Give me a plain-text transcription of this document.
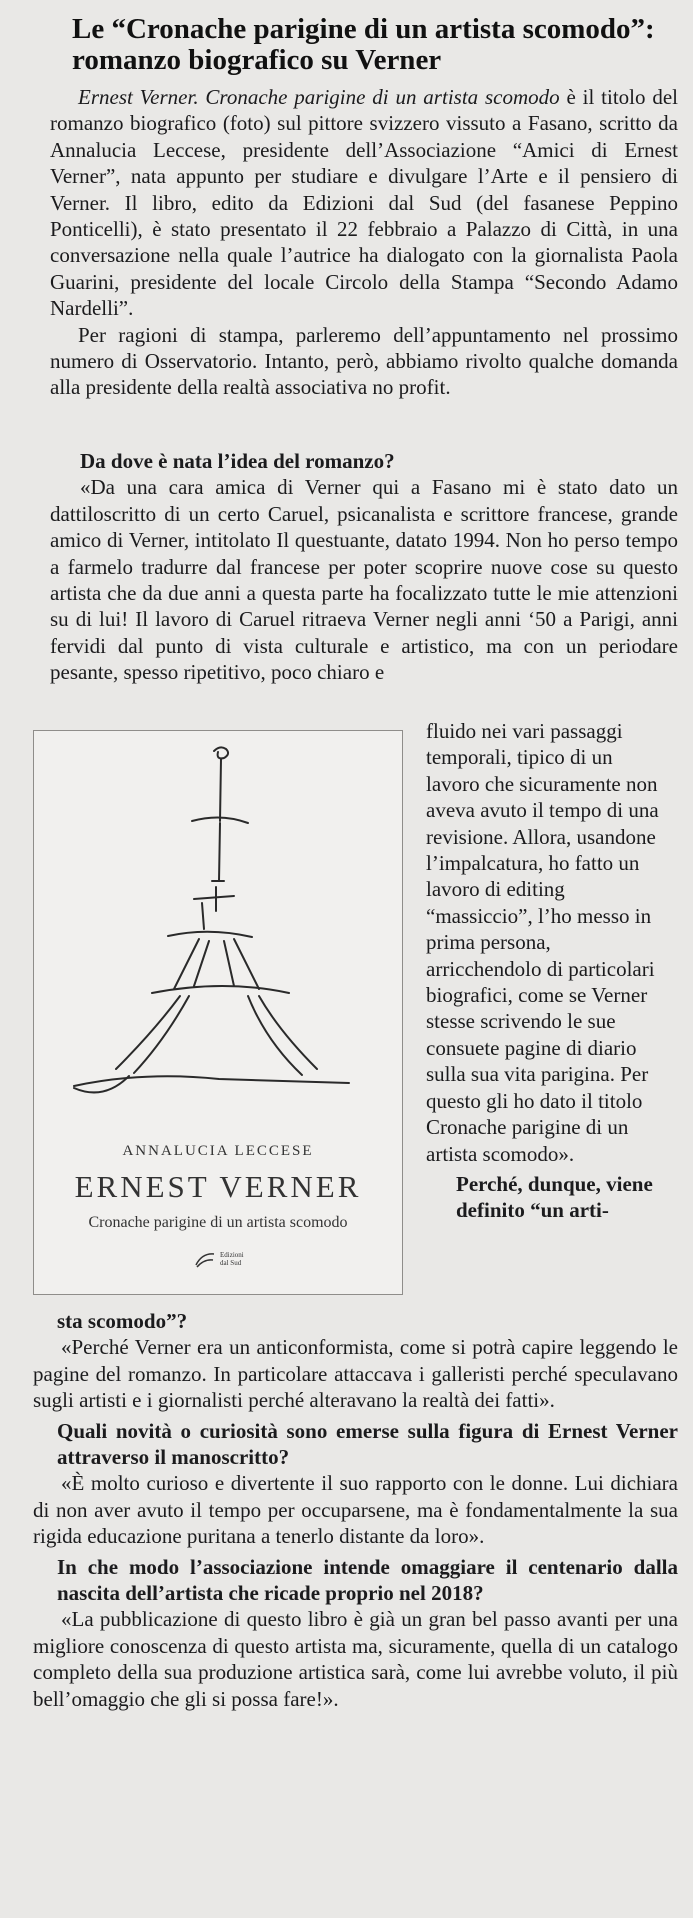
Le “Cronache parigine di un artista scomodo”: romanzo biografico su Verner

Ernest Verner. Cronache parigine di un artista scomodo è il titolo del romanzo biografico (foto) sul pittore svizzero vissuto a Fasano, scritto da Annalucia Leccese, presidente dell’Associazione “Amici di Ernest Verner”, nata appunto per studiare e divulgare l’Arte e il pensiero di Verner. Il libro, edito da Edizioni dal Sud (del fasanese Peppino Ponticelli), è stato presentato il 22 febbraio a Palazzo di Città, in una conversazione nella quale l’autrice ha dialogato con la giornalista Paola Guarini, presidente del locale Circolo della Stampa “Secondo Adamo Nardelli”.

Per ragioni di stampa, parleremo dell’appuntamento nel prossimo numero di Osservatorio. Intanto, però, abbiamo rivolto qualche domanda alla presidente della realtà associativa no profit.

Da dove è nata l’idea del romanzo?

«Da una cara amica di Verner qui a Fasano mi è stato dato un dattiloscritto di un certo Caruel, psicanalista e scrittore francese, grande amico di Verner, intitolato Il questuante, datato 1994. Non ho perso tempo a farmelo tradurre dal francese per poter scoprire nuove cose su questo artista che da due anni a questa parte ha focalizzato tutte le mie attenzioni su di lui! Il lavoro di Caruel ritraeva Verner negli anni ‘50 a Parigi, anni fervidi dal punto di vista culturale e artistico, ma con un periodare pesante, spesso ripetitivo, poco chiaro e

ANNALUCIA LECCESE
ERNEST VERNER
Cronache parigine di un artista scomodo
Edizioni
dal Sud

fluido nei vari passaggi temporali, tipico di un lavoro che sicuramente non aveva avuto il tempo di una revisione. Allora, usandone l’impalcatura, ho fatto un lavoro di editing “massiccio”, l’ho messo in prima persona, arricchendolo di particolari biografici, come se Verner stesse scrivendo le sue consuete pagine di diario sulla sua vita parigina. Per questo gli ho dato il titolo Cronache parigine di un artista scomodo».

Perché, dunque, viene definito “un arti-

sta scomodo”?

«Perché Verner era un anticonformista, come si potrà capire leggendo le pagine del romanzo. In particolare attaccava i galleristi perché speculavano sugli artisti e i giornalisti perché alteravano la realtà dei fatti».

Quali novità o curiosità sono emerse sulla figura di Ernest Verner attraverso il manoscritto?

«È molto curioso e divertente il suo rapporto con le donne. Lui dichiara di non aver avuto il tempo per occuparsene, ma è fondamentalmente la sua rigida educazione puritana a tenerlo distante da loro».

In che modo l’associazione intende omaggiare il centenario dalla nascita dell’artista che ricade proprio nel 2018?

«La pubblicazione di questo libro è già un gran bel passo avanti per una migliore conoscenza di questo artista ma, sicuramente, quella di un catalogo completo della sua produzione artistica sarà, come lui avrebbe voluto, il più bell’omaggio che gli si possa fare!».
